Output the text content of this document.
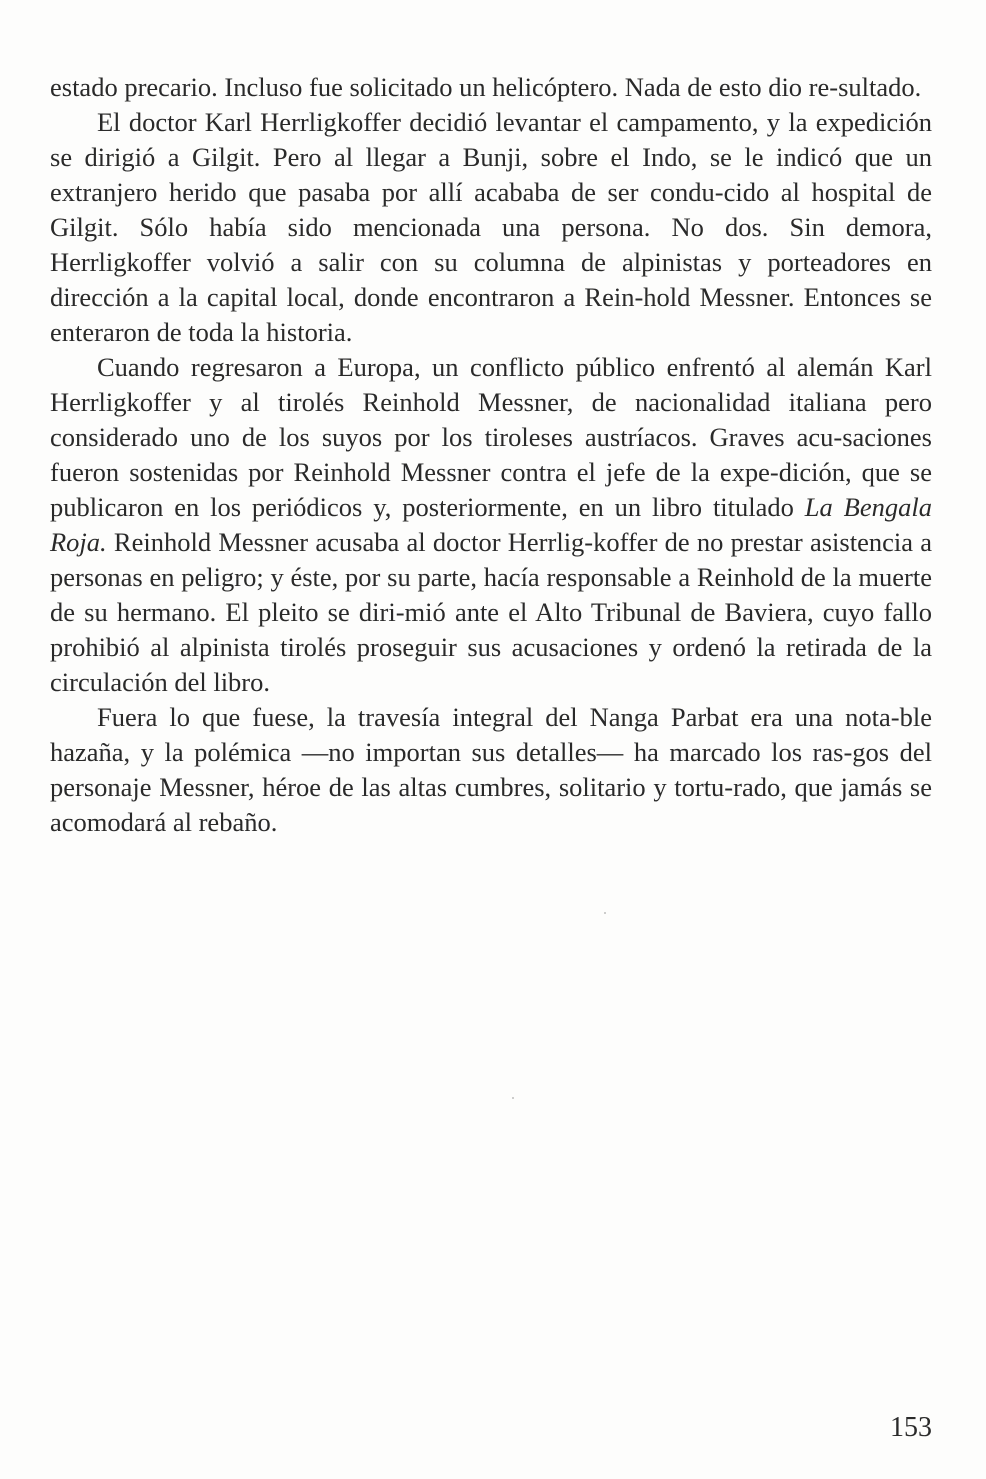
estado precario. Incluso fue solicitado un helicóptero. Nada de esto dio re-sultado.

El doctor Karl Herrligkoffer decidió levantar el campamento, y la expedición se dirigió a Gilgit. Pero al llegar a Bunji, sobre el Indo, se le indicó que un extranjero herido que pasaba por allí acababa de ser condu-cido al hospital de Gilgit. Sólo había sido mencionada una persona. No dos. Sin demora, Herrligkoffer volvió a salir con su columna de alpinistas y porteadores en dirección a la capital local, donde encontraron a Rein-hold Messner. Entonces se enteraron de toda la historia.

Cuando regresaron a Europa, un conflicto público enfrentó al alemán Karl Herrligkoffer y al tirolés Reinhold Messner, de nacionalidad italiana pero considerado uno de los suyos por los tiroleses austríacos. Graves acu-saciones fueron sostenidas por Reinhold Messner contra el jefe de la expe-dición, que se publicaron en los periódicos y, posteriormente, en un libro titulado La Bengala Roja. Reinhold Messner acusaba al doctor Herrlig-koffer de no prestar asistencia a personas en peligro; y éste, por su parte, hacía responsable a Reinhold de la muerte de su hermano. El pleito se diri-mió ante el Alto Tribunal de Baviera, cuyo fallo prohibió al alpinista tirolés proseguir sus acusaciones y ordenó la retirada de la circulación del libro.

Fuera lo que fuese, la travesía integral del Nanga Parbat era una nota-ble hazaña, y la polémica —no importan sus detalles— ha marcado los ras-gos del personaje Messner, héroe de las altas cumbres, solitario y tortu-rado, que jamás se acomodará al rebaño.

153
